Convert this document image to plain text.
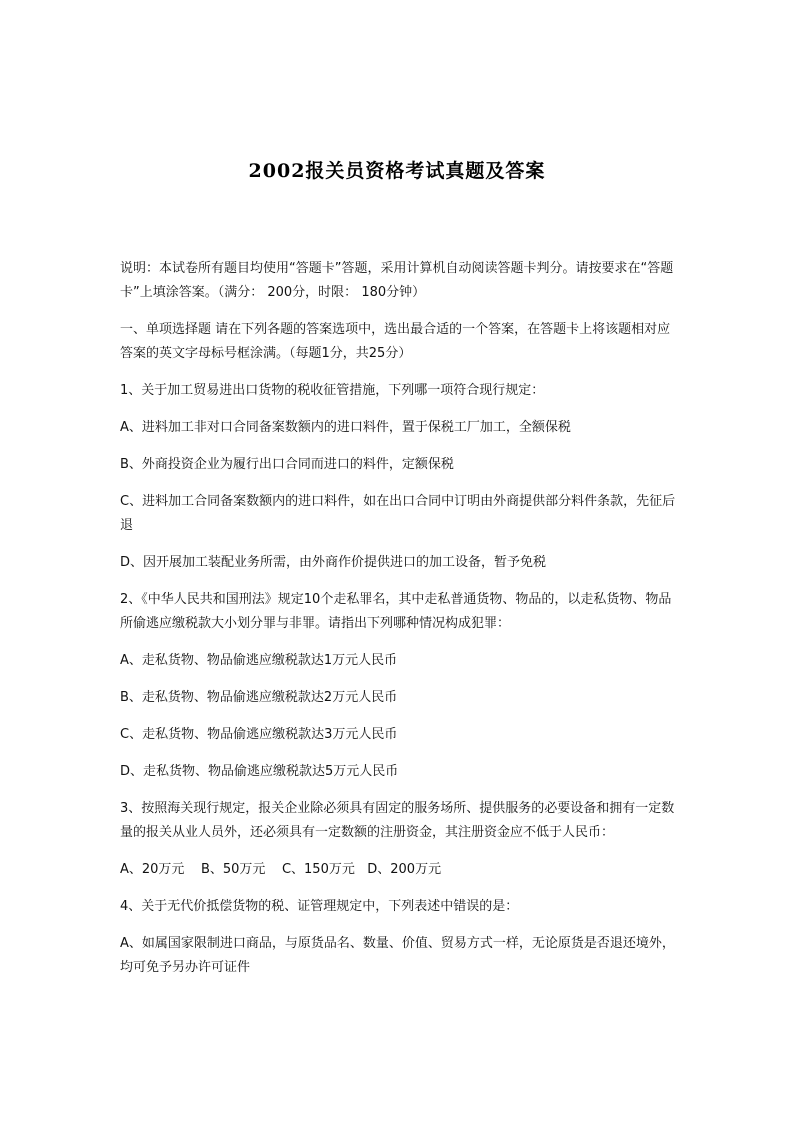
2002报关员资格考试真题及答案

说明：本试卷所有题目均使用“答题卡”答题，采用计算机自动阅读答题卡判分。请按要求在“答题卡”上填涂答案。（满分： 200分，时限： 180分钟）

一、单项选择题 请在下列各题的答案选项中，选出最合适的一个答案，在答题卡上将该题相对应答案的英文字母标号框涂满。（每题1分，共25分）

1、关于加工贸易进出口货物的税收征管措施，下列哪一项符合现行规定：

A、进料加工非对口合同备案数额内的进口料件，置于保税工厂加工，全额保税

B、外商投资企业为履行出口合同而进口的料件，定额保税

C、进料加工合同备案数额内的进口料件，如在出口合同中订明由外商提供部分料件条款，先征后退

D、因开展加工装配业务所需，由外商作价提供进口的加工设备，暂予免税

2、《中华人民共和国刑法》规定10个走私罪名，其中走私普通货物、物品的，以走私货物、物品 所偷逃应缴税款大小划分罪与非罪。请指出下列哪种情况构成犯罪：

A、走私货物、物品偷逃应缴税款达1万元人民币

B、走私货物、物品偷逃应缴税款达2万元人民币

C、走私货物、物品偷逃应缴税款达3万元人民币

D、走私货物、物品偷逃应缴税款达5万元人民币

3、按照海关现行规定，报关企业除必须具有固定的服务场所、提供服务的必要设备和拥有一定数量的报关从业人员外，还必须具有一定数额的注册资金，其注册资金应不低于人民币：

A、20万元    B、50万元    C、150万元   D、200万元

4、关于无代价抵偿货物的税、证管理规定中，下列表述中错误的是：

A、如属国家限制进口商品，与原货品名、数量、价值、贸易方式一样，无论原货是否退还境外，均可免予另办许可证件
